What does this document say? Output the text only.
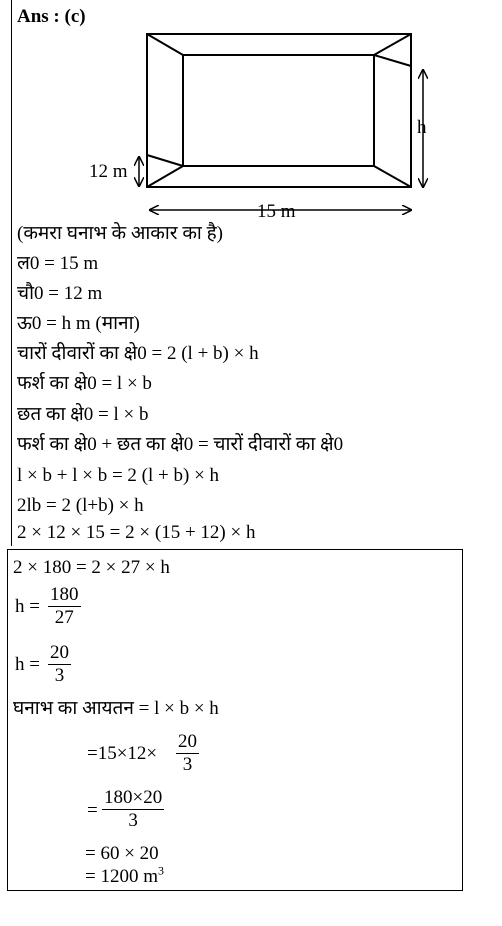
Ans : (c)
h
12 m
15 m
(कमरा घनाभ के आकार का है)
ल0 = 15 m
चौ0 = 12 m
ऊ0 = h m (माना)
चारों दीवारों का क्षे0 = 2 (l + b) × h
फर्श का क्षे0 = l × b
छत का क्षे0 = l × b
फर्श का क्षे0 + छत का क्षे0 = चारों दीवारों का क्षे0
l × b + l × b = 2 (l + b) × h
2lb = 2 (l+b) × h
2 × 12 × 15 = 2 × (15 + 12) × h
2 × 180 = 2 × 27 × h
$h = \frac{180}{27}$
$h = \frac{20}{3}$
घनाभ का आयतन = l × b × h
$=15\times 12\times \frac{20}{3}$
= $\frac{180\times 20}{3}$
= 60 × 20
= 1200 $m^3$
